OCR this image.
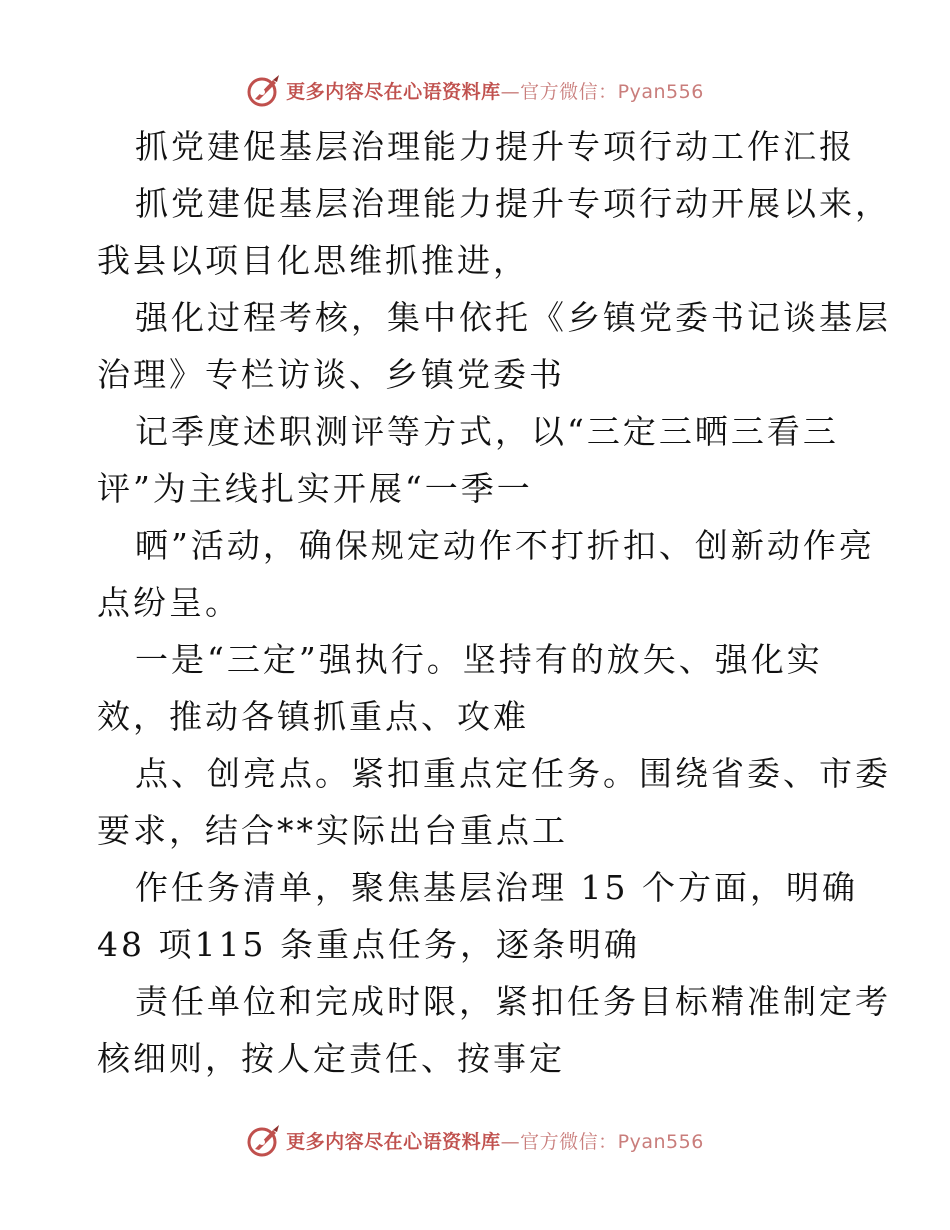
更多内容尽在心语资料库—官方微信：Pyan556
抓党建促基层治理能力提升专项行动工作汇报
抓党建促基层治理能力提升专项行动开展以来，
我县以项目化思维抓推进，
强化过程考核，集中依托《乡镇党委书记谈基层
治理》专栏访谈、乡镇党委书
记季度述职测评等方式，以“三定三晒三看三
评”为主线扎实开展“一季一
晒”活动，确保规定动作不打折扣、创新动作亮
点纷呈。
一是“三定”强执行。坚持有的放矢、强化实
效，推动各镇抓重点、攻难
点、创亮点。紧扣重点定任务。围绕省委、市委
要求，结合**实际出台重点工
作任务清单，聚焦基层治理 15 个方面，明确
48 项115 条重点任务，逐条明确
责任单位和完成时限，紧扣任务目标精准制定考
核细则，按人定责任、按事定
更多内容尽在心语资料库—官方微信：Pyan556
